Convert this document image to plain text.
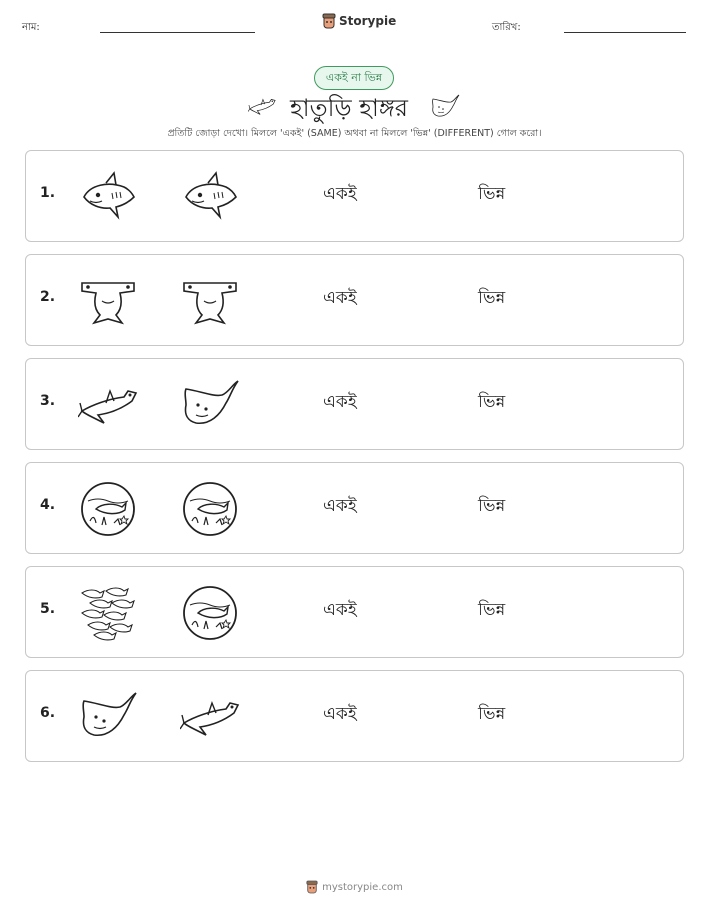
নাম:	Storypie	তারিখ:
একই না ভিন্ন
হাতুড়ি হাঙ্গর
প্রতিটি জোড়া দেখো। মিললে 'একই' (SAME) অথবা না মিললে 'ভিন্ন' (DIFFERENT) গোল করো।
1.	একই	ভিন্ন
2.	একই	ভিন্ন
3.	একই	ভিন্ন
4.	একই	ভিন্ন
5.	একই	ভিন্ন
6.	একই	ভিন্ন
mystorypie.com
